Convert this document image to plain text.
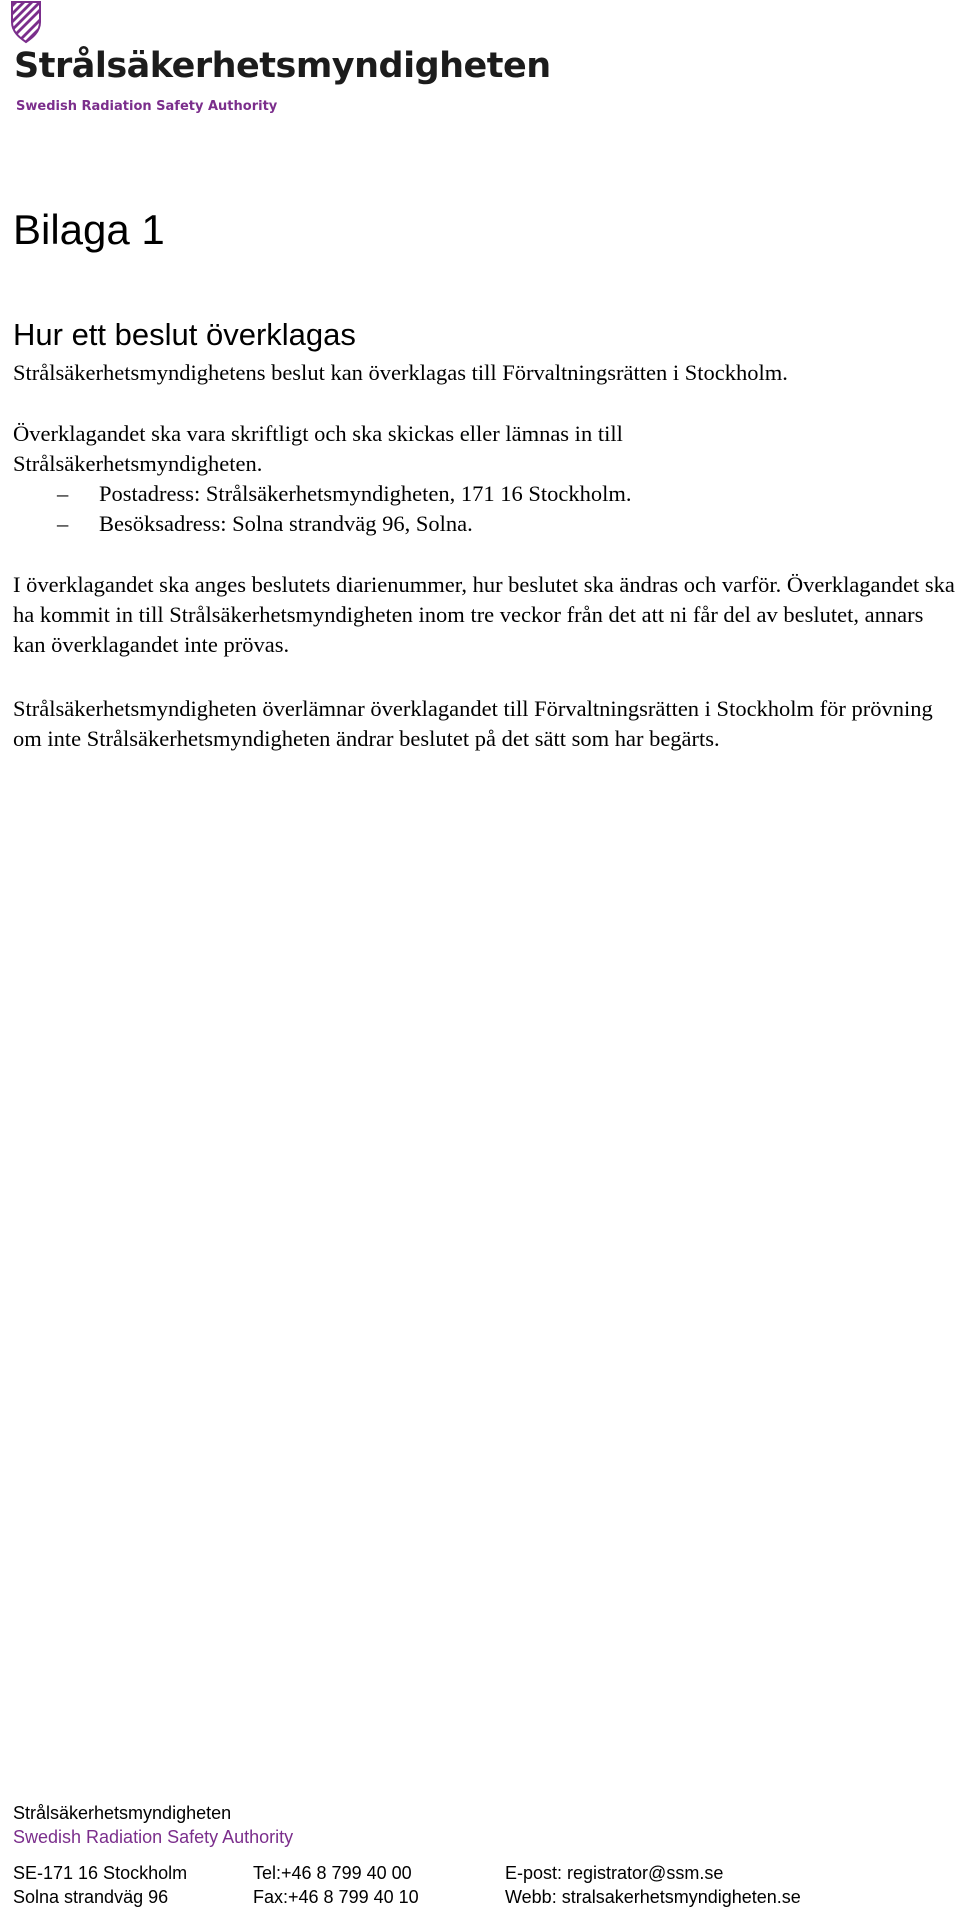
Strålsäkerhetsmyndigheten
Swedish Radiation Safety Authority
Bilaga 1
Hur ett beslut överklagas

Strålsäkerhetsmyndighetens beslut kan överklagas till Förvaltningsrätten i Stockholm.

Överklagandet ska vara skriftligt och ska skickas eller lämnas in till

Strålsäkerhetsmyndigheten.

– Postadress: Strålsäkerhetsmyndigheten, 171 16 Stockholm.
– Besöksadress: Solna strandväg 96, Solna.

I överklagandet ska anges beslutets diarienummer, hur beslutet ska ändras och varför. Överklagandet ska ha kommit in till Strålsäkerhetsmyndigheten inom tre veckor från det att ni får del av beslutet, annars kan överklagandet inte prövas.

Strålsäkerhetsmyndigheten överlämnar överklagandet till Förvaltningsrätten i Stockholm för prövning om inte Strålsäkerhetsmyndigheten ändrar beslutet på det sätt som har begärts.

Strålsäkerhetsmyndigheten
Swedish Radiation Safety Authority
SE-171 16 Stockholm
Solna strandväg 96
Tel:+46 8 799 40 00
Fax:+46 8 799 40 10
E-post: registrator@ssm.se
Webb: stralsakerhetsmyndigheten.se
